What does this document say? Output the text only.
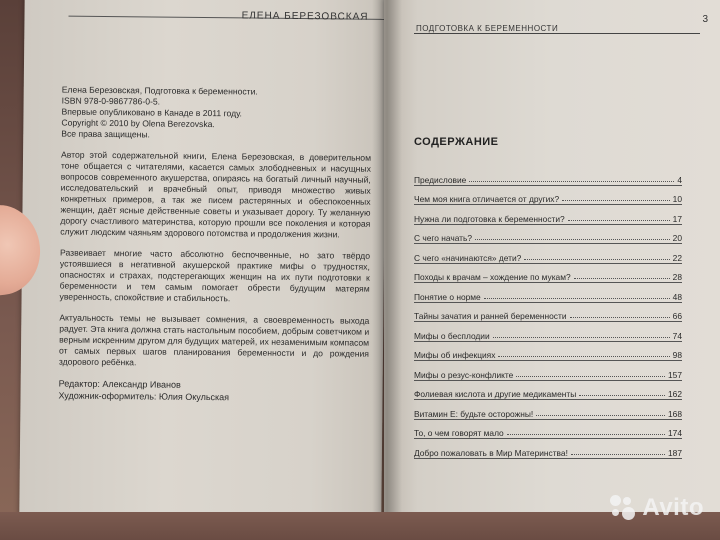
ЕЛЕНА БЕРЕЗОВСКАЯ

Елена Березовская, Подготовка к беременности.
ISBN 978-0-9867786-0-5.
Впервые опубликовано в Канаде в 2011 году.
Copyright © 2010 by Olena Berezovska.
Все права защищены.

Автор этой содержательной книги, Елена Березовская, в доверительном тоне общается с читателями, касается самых злободневных и насущных вопросов современного акушерства, опираясь на богатый личный научный, исследовательский и врачебный опыт, приводя множество живых конкретных примеров, а так же писем растерянных и обеспокоенных женщин, даёт ясные действенные советы и указывает дорогу. Ту желанную дорогу счастливого материнства, которую прошли все поколения и которая служит людским чаяньям здорового потомства и продолжения жизни.

Развеивает многие часто абсолютно беспочвенные, но зато твёрдо устоявшиеся в негативной акушерской практике мифы о трудностях, опасностях и страхах, подстерегающих женщин на их пути подготовки к беременности и тем самым помогает обрести будущим матерям уверенность, спокойствие и стабильность.

Актуальность темы не вызывает сомнения, а своевременность выхода радует. Эта книга должна стать настольным пособием, добрым советчиком и верным искренним другом для будущих матерей, их незаменимым компасом от самых первых шагов планирования беременности и до рождения здорового ребёнка.

Редактор: Александр Иванов
Художник-оформитель: Юлия Окульская

3
ПОДГОТОВКА К БЕРЕМЕННОСТИ
СОДЕРЖАНИЕ
Предисловие	4
Чем моя книга отличается от других?	10
Нужна ли подготовка к беременности?	17
С чего начать?	20
С чего «начинаются» дети?	22
Походы к врачам – хождение по мукам?	28
Понятие о норме	48
Тайны зачатия и ранней беременности	66
Мифы о бесплодии	74
Мифы об инфекциях	98
Мифы о резус-конфликте	157
Фолиевая кислота и другие медикаменты	162
Витамин Е: будьте осторожны!	168
То, о чем говорят мало	174
Добро пожаловать в Мир Материнства!	187
Avito
